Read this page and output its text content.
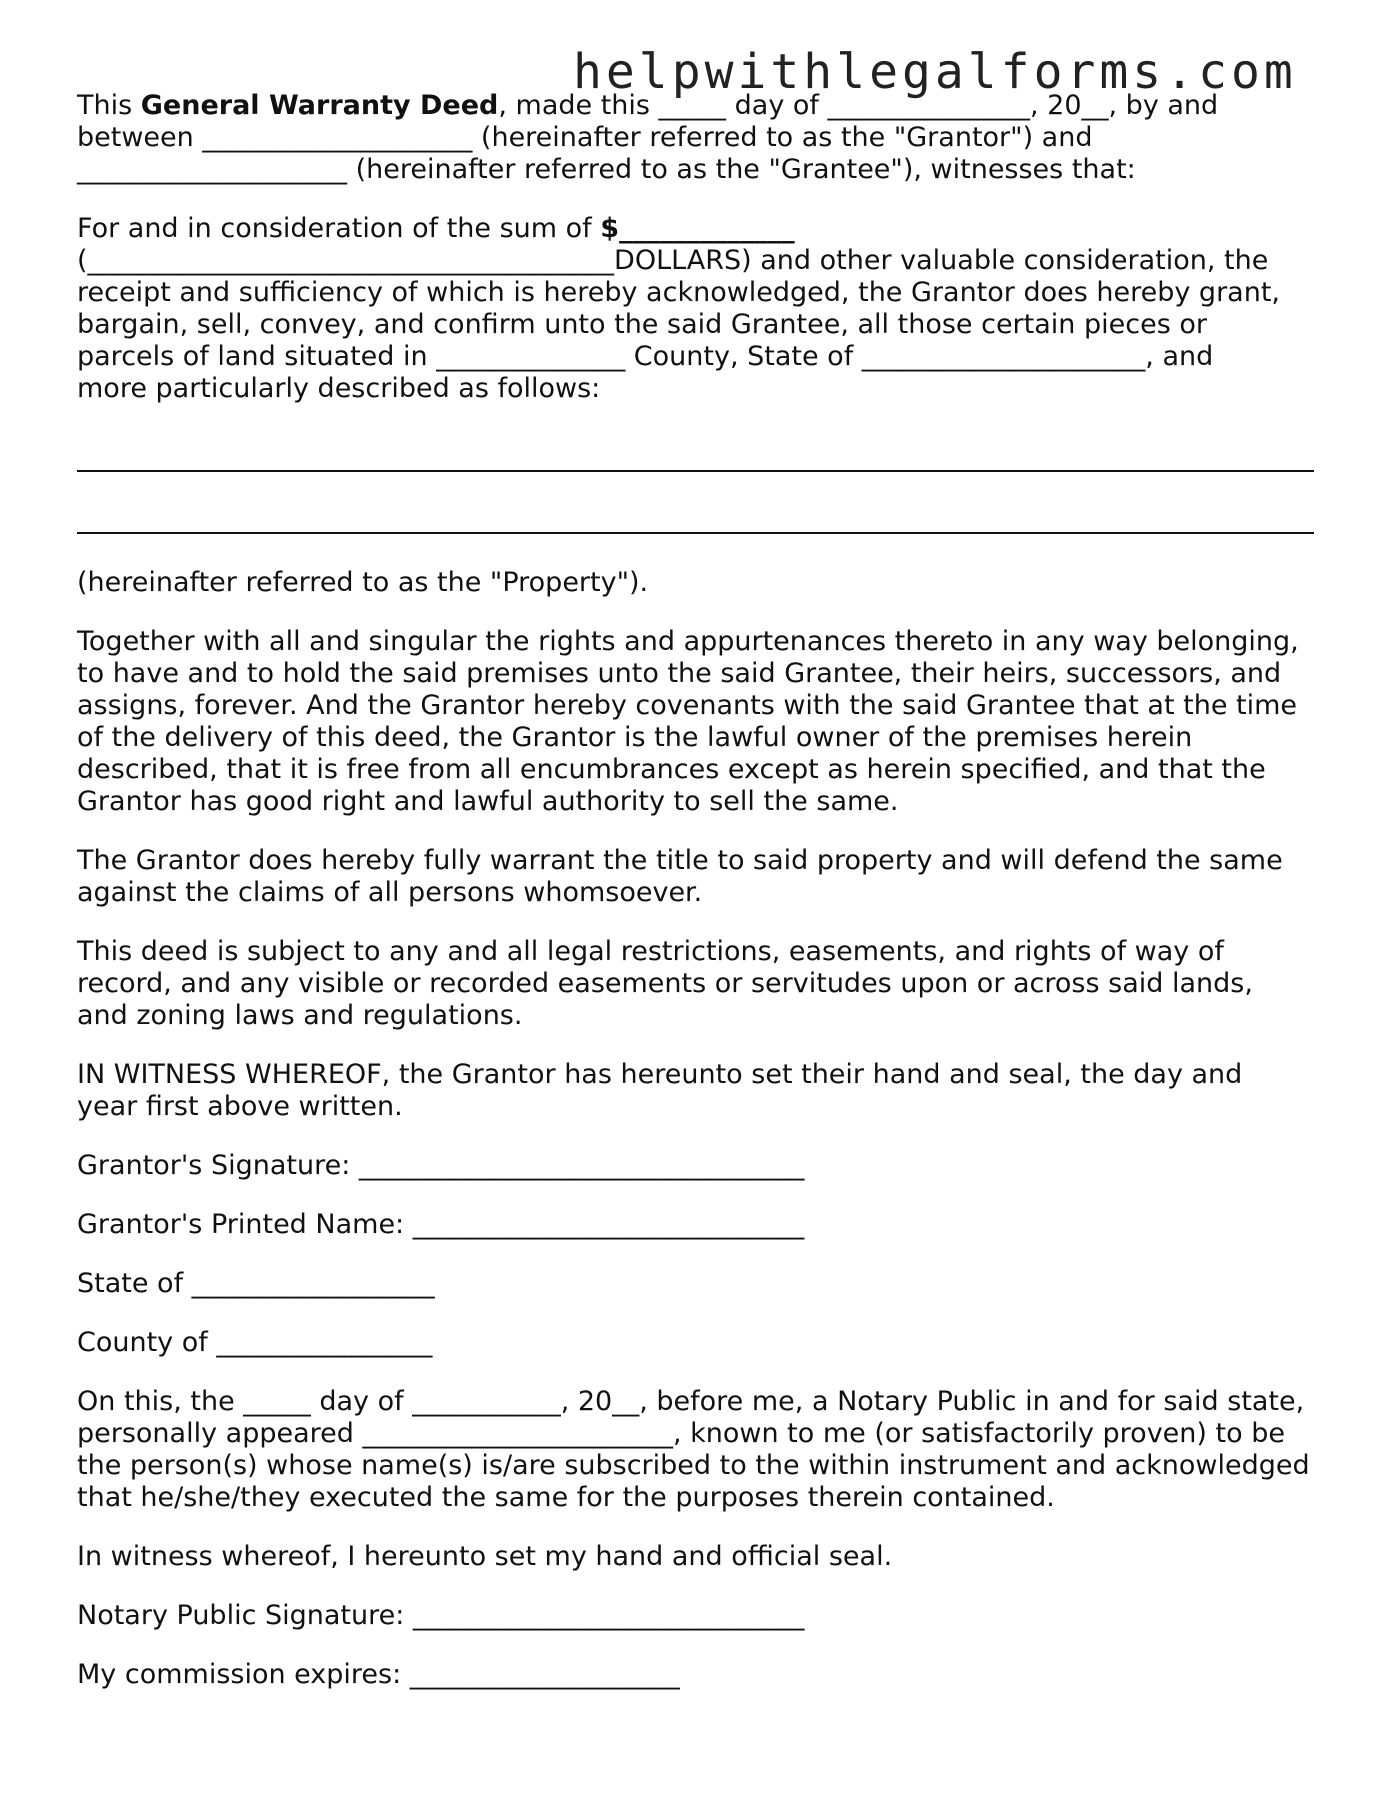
helpwithlegalforms.com

This General Warranty Deed, made this _____ day of _______________, 20__, by and
between ____________________ (hereinafter referred to as the "Grantor") and
____________________ (hereinafter referred to as the "Grantee"), witnesses that:

For and in consideration of the sum of $_____________
(_______________________________________DOLLARS) and other valuable consideration, the
receipt and sufficiency of which is hereby acknowledged, the Grantor does hereby grant,
bargain, sell, convey, and confirm unto the said Grantee, all those certain pieces or
parcels of land situated in ______________ County, State of _____________________, and
more particularly described as follows:

(hereinafter referred to as the "Property").

Together with all and singular the rights and appurtenances thereto in any way belonging,
to have and to hold the said premises unto the said Grantee, their heirs, successors, and
assigns, forever. And the Grantor hereby covenants with the said Grantee that at the time
of the delivery of this deed, the Grantor is the lawful owner of the premises herein
described, that it is free from all encumbrances except as herein specified, and that the
Grantor has good right and lawful authority to sell the same.

The Grantor does hereby fully warrant the title to said property and will defend the same
against the claims of all persons whomsoever.

This deed is subject to any and all legal restrictions, easements, and rights of way of
record, and any visible or recorded easements or servitudes upon or across said lands,
and zoning laws and regulations.

IN WITNESS WHEREOF, the Grantor has hereunto set their hand and seal, the day and
year first above written.

Grantor's Signature: _________________________________

Grantor's Printed Name: _____________________________

State of __________________

County of ________________

On this, the _____ day of ___________, 20__, before me, a Notary Public in and for said state,
personally appeared _______________________, known to me (or satisfactorily proven) to be
the person(s) whose name(s) is/are subscribed to the within instrument and acknowledged
that he/she/they executed the same for the purposes therein contained.

In witness whereof, I hereunto set my hand and official seal.

Notary Public Signature: _____________________________

My commission expires: ____________________
